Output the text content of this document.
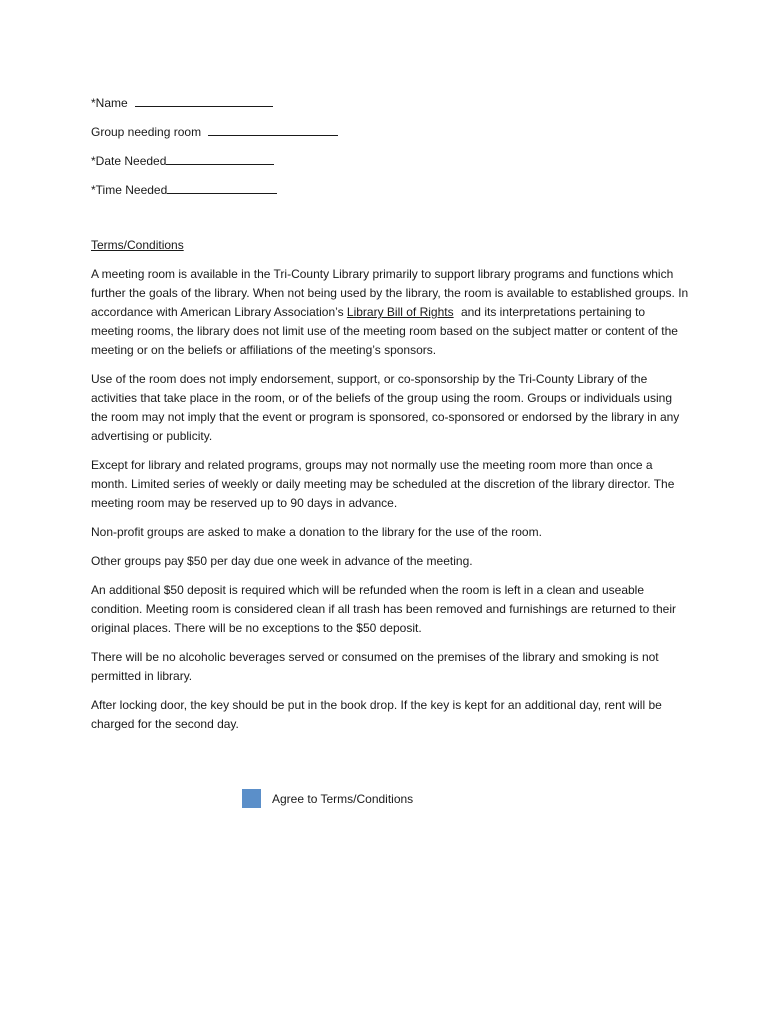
*Name
Group needing room
*Date Needed
*Time Needed
Terms/Conditions

A meeting room is available in the Tri-County Library primarily to support library programs and functions which further the goals of the library. When not being used by the library, the room is available to established groups. In accordance with American Library Association’s Library Bill of Rights and its interpretations pertaining to meeting rooms, the library does not limit use of the meeting room based on the subject matter or content of the meeting or on the beliefs or affiliations of the meeting’s sponsors.

Use of the room does not imply endorsement, support, or co-sponsorship by the Tri-County Library of the activities that take place in the room, or of the beliefs of the group using the room. Groups or individuals using the room may not imply that the event or program is sponsored, co-sponsored or endorsed by the library in any advertising or publicity.

Except for library and related programs, groups may not normally use the meeting room more than once a month. Limited series of weekly or daily meeting may be scheduled at the discretion of the library director. The meeting room may be reserved up to 90 days in advance.

Non-profit groups are asked to make a donation to the library for the use of the room.

Other groups pay $50 per day due one week in advance of the meeting.

An additional $50 deposit is required which will be refunded when the room is left in a clean and useable condition. Meeting room is considered clean if all trash has been removed and furnishings are returned to their original places. There will be no exceptions to the $50 deposit.

There will be no alcoholic beverages served or consumed on the premises of the library and smoking is not permitted in library.

After locking door, the key should be put in the book drop. If the key is kept for an additional day, rent will be charged for the second day.

Agree to Terms/Conditions
